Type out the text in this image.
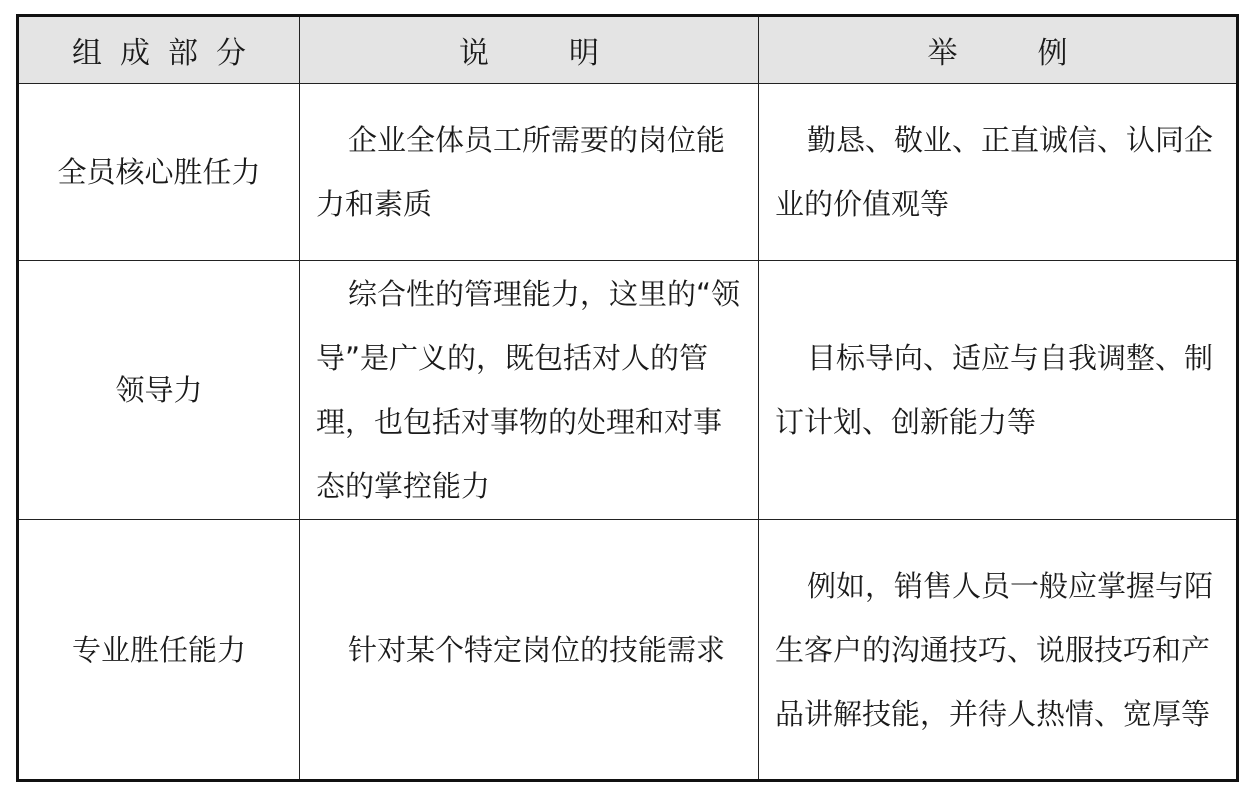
组成部分	说明	举例
全员核心胜任力	企业全体员工所需要的岗位能力和素质	勤恳、敬业、正直诚信、认同企业的价值观等
领导力	综合性的管理能力，这里的“领导”是广义的，既包括对人的管理，也包括对事物的处理和对事态的掌控能力	目标导向、适应与自我调整、制订计划、创新能力等
专业胜任能力	针对某个特定岗位的技能需求	例如，销售人员一般应掌握与陌生客户的沟通技巧、说服技巧和产品讲解技能，并待人热情、宽厚等
